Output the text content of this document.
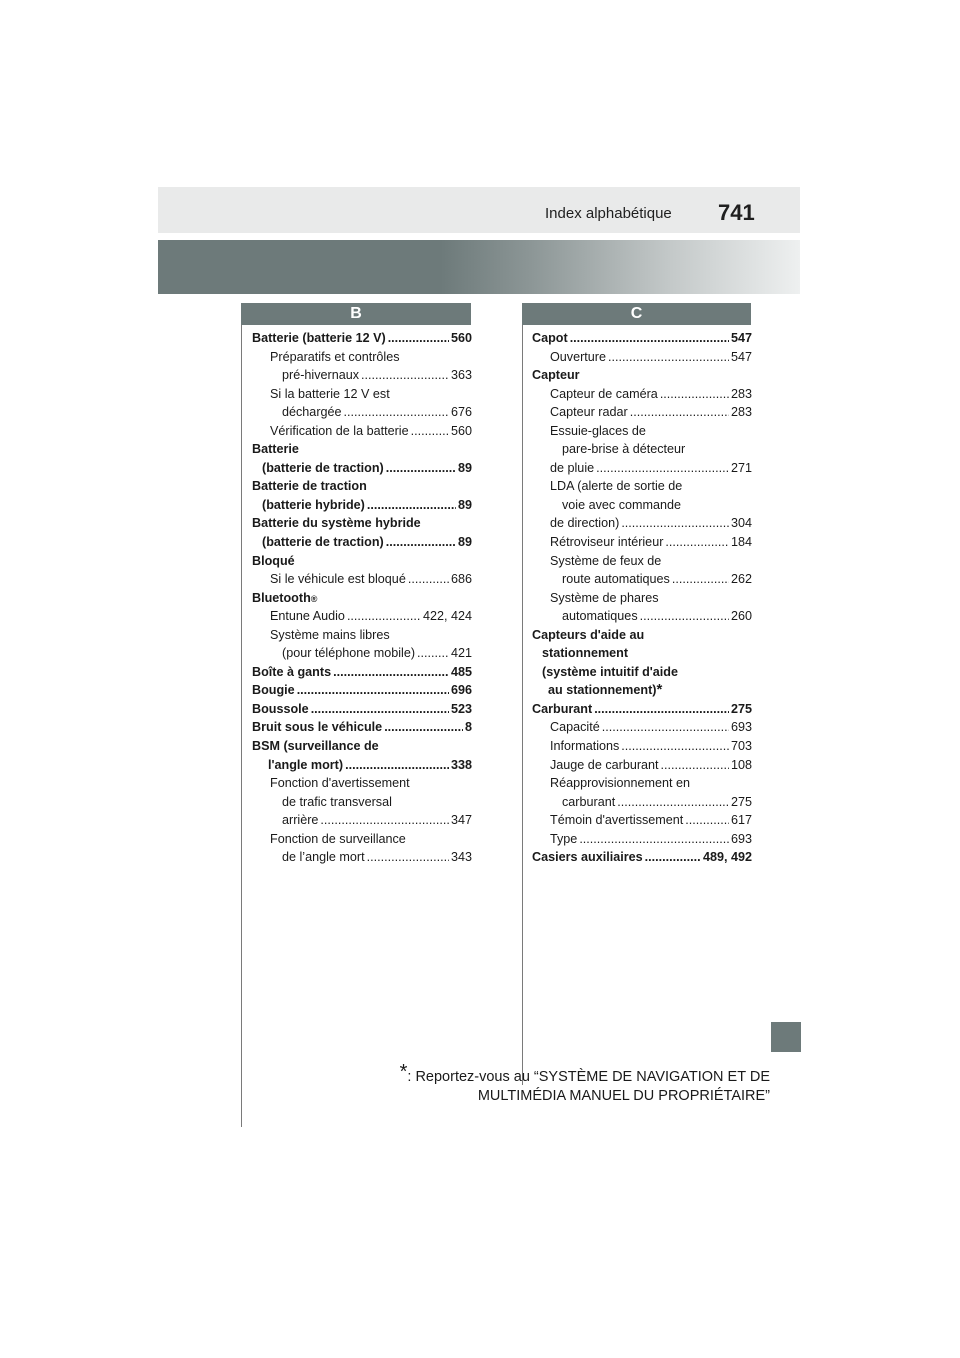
Index alphabétique 741
B	C
Batterie (batterie 12 V) .....	560
Préparatifs et contrôles
pré-hivernaux .....	363
Si la batterie 12 V est
déchargée .....	676
Vérification de la batterie .....	560
Batterie
(batterie de traction) .....	89
Batterie de traction
(batterie hybride) .....	89
Batterie du système hybride
(batterie de traction) .....	89
Bloqué
Si le véhicule est bloqué .....	686
Bluetooth ®
Entune Audio .....	422, 424
Système mains libres
(pour téléphone mobile) .....	421
Boîte à gants .....	485
Bougie .....	696
Boussole .....	523
Bruit sous le véhicule .....	8
BSM (surveillance de
l'angle mort) .....	338
Fonction d'avertissement
de trafic transversal
arrière .....	347
Fonction de surveillance
de l’angle mort .....	343
Capot .....	547
Ouverture .....	547
Capteur
Capteur de caméra .....	283
Capteur radar .....	283
Essuie-glaces de
pare-brise à détecteur
de pluie .....	271
LDA (alerte de sortie de
voie avec commande
de direction) .....	304
Rétroviseur intérieur .....	184
Système de feux de
route automatiques .....	262
Système de phares
automatiques .....	260
Capteurs d'aide au
stationnement
(système intuitif d'aide
au stationnement) *
Carburant .....	275
Capacité .....	693
Informations .....	703
Jauge de carburant .....	108
Réapprovisionnement en
carburant .....	275
Témoin d'avertissement .....	617
Type .....	693
Casiers auxiliaires .....	489, 492
*: Reportez-vous au “SYSTÈME DE NAVIGATION ET DE
MULTIMÉDIA MANUEL DU PROPRIÉTAIRE”
